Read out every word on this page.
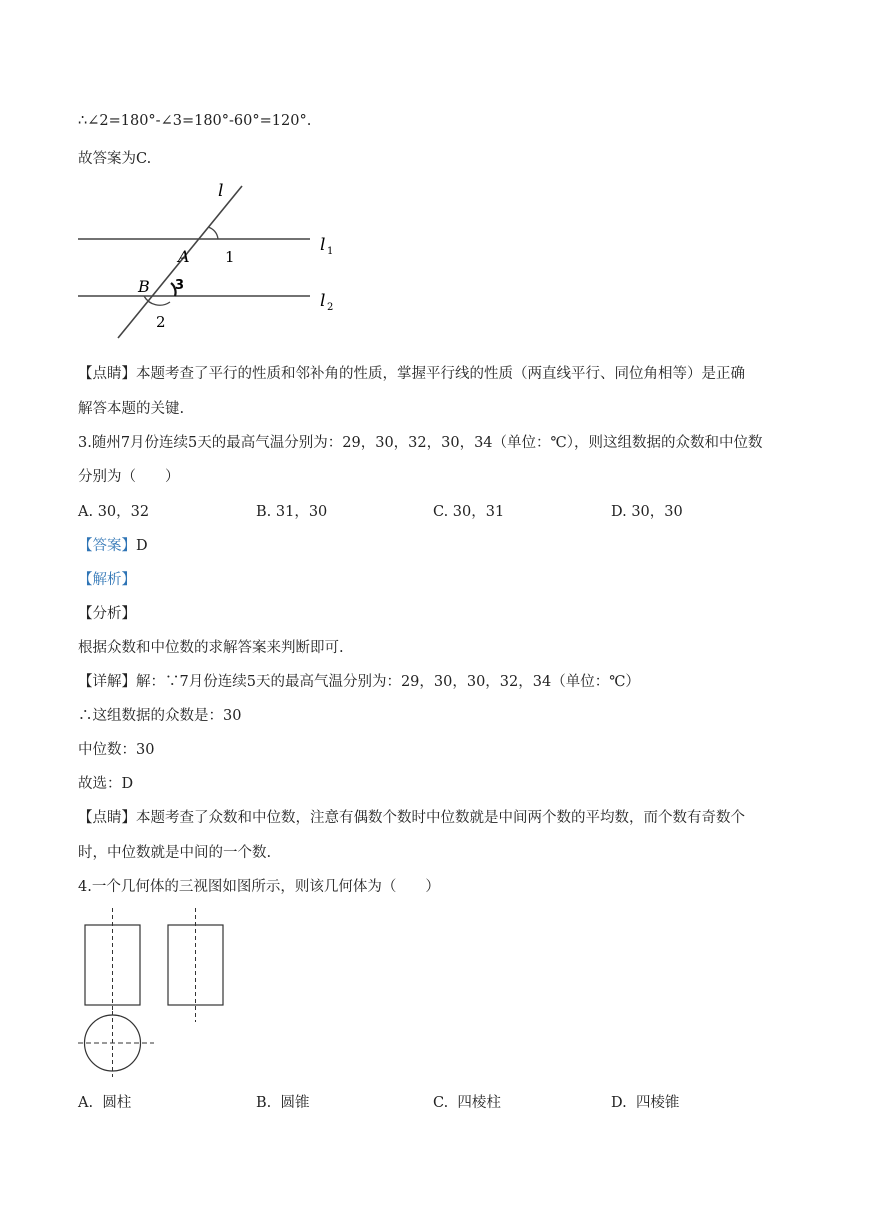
∴∠2=180°-∠3=180°-60°=120°.
故答案为C.
l
A 1
l 1
B 3
l 2
2
【点睛】本题考查了平行的性质和邻补角的性质，掌握平行线的性质（两直线平行、同位角相等）是正确
解答本题的关键.
3.随州7月份连续5天的最高气温分别为：29，30，32，30，34（单位：℃），则这组数据的众数和中位数
分别为（　　）
A. 30，32	B. 31，30	C. 30，31	D. 30，30
【答案】D
【解析】
【分析】
根据众数和中位数的求解答案来判断即可.
【详解】解：∵7月份连续5天的最高气温分别为：29，30，30，32，34（单位：℃）
∴这组数据的众数是：30
中位数：30
故选：D
【点睛】本题考查了众数和中位数，注意有偶数个数时中位数就是中间两个数的平均数，而个数有奇数个
时，中位数就是中间的一个数.
4.一个几何体的三视图如图所示，则该几何体为（　　）
A. 圆柱	B. 圆锥	C. 四棱柱	D. 四棱锥
